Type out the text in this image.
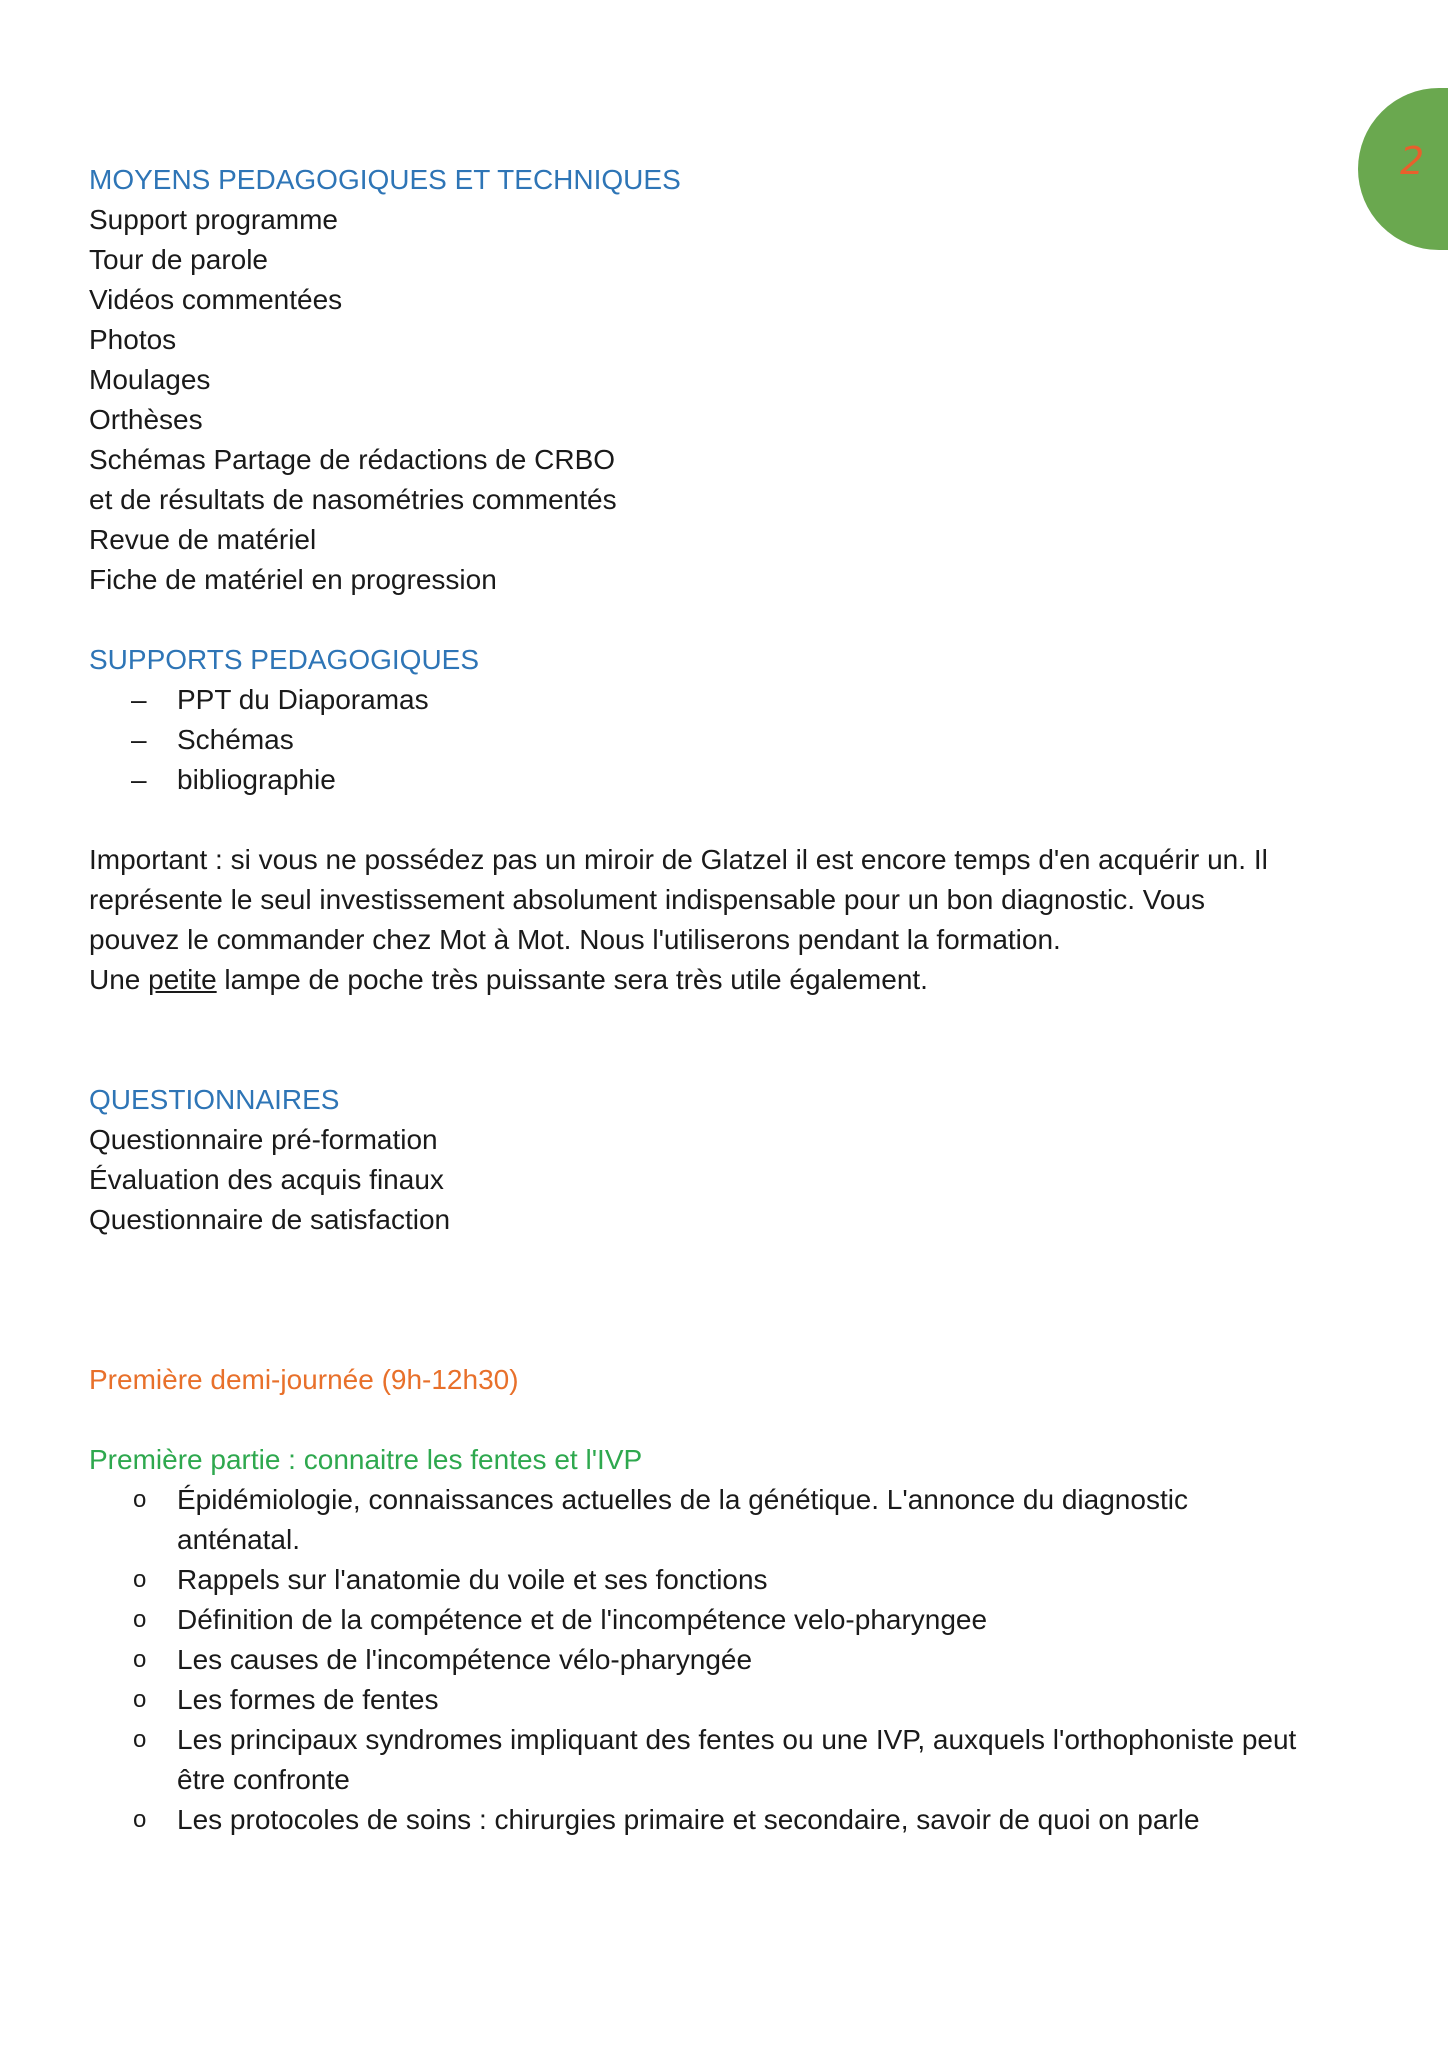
2
MOYENS PEDAGOGIQUES ET TECHNIQUES
Support programme
Tour de parole
Vidéos commentées
Photos
Moulages
Orthèses
Schémas Partage de rédactions de CRBO
et de résultats de nasométries commentés
Revue de matériel
Fiche de matériel en progression
SUPPORTS PEDAGOGIQUES
– PPT du Diaporamas
– Schémas
– bibliographie
Important : si vous ne possédez pas un miroir de Glatzel il est encore temps d'en acquérir un. Il
représente le seul investissement absolument indispensable pour un bon diagnostic. Vous
pouvez le commander chez Mot à Mot. Nous l'utiliserons pendant la formation.
Une petite lampe de poche très puissante sera très utile également.
QUESTIONNAIRES
Questionnaire pré-formation
Évaluation des acquis finaux
Questionnaire de satisfaction
Première demi-journée (9h-12h30)
Première partie : connaitre les fentes et l'IVP
o Épidémiologie, connaissances actuelles de la génétique. L'annonce du diagnostic
anténatal.
o Rappels sur l'anatomie du voile et ses fonctions
o Définition de la compétence et de l'incompétence velo-pharyngee
o Les causes de l'incompétence vélo-pharyngée
o Les formes de fentes
o Les principaux syndromes impliquant des fentes ou une IVP, auxquels l'orthophoniste peut
être confronte
o Les protocoles de soins : chirurgies primaire et secondaire, savoir de quoi on parle
